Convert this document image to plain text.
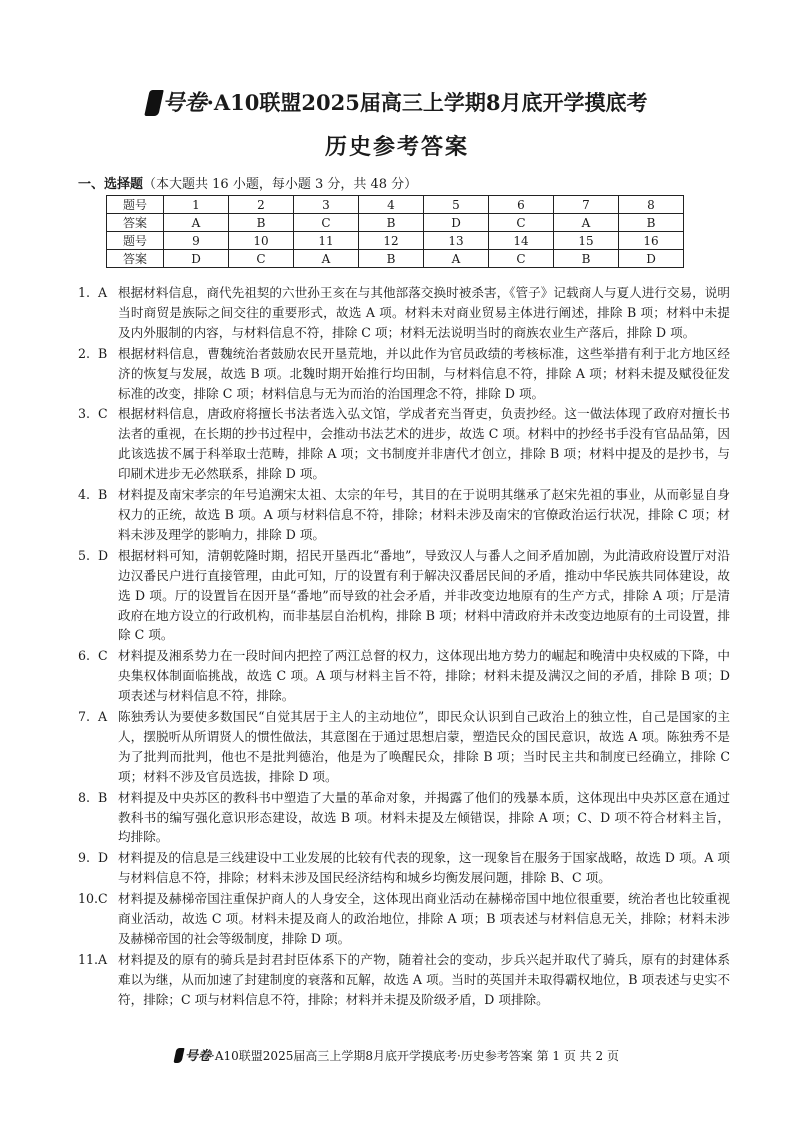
号卷·A10联盟2025届高三上学期8月底开学摸底考
历史参考答案
一、选择题（本大题共 16 小题，每小题 3 分，共 48 分）
题号	1	2	3	4	5	6	7	8
答案	A	B	C	B	D	C	A	B
题号	9	10	11	12	13	14	15	16
答案	D	C	A	B	A	C	B	D
1. A 根据材料信息，商代先祖契的六世孙王亥在与其他部落交换时被杀害，《管子》记载商人与夏人进行交易，说明当时商贸是族际之间交往的重要形式，故选 A 项。材料未对商业贸易主体进行阐述，排除 B 项；材料中未提及内外服制的内容，与材料信息不符，排除 C 项；材料无法说明当时的商族农业生产落后，排除 D 项。
2. B 根据材料信息，曹魏统治者鼓励农民开垦荒地，并以此作为官员政绩的考核标准，这些举措有利于北方地区经济的恢复与发展，故选 B 项。北魏时期开始推行均田制，与材料信息不符，排除 A 项；材料未提及赋役征发标准的改变，排除 C 项；材料信息与无为而治的治国理念不符，排除 D 项。
3. C 根据材料信息，唐政府将擅长书法者选入弘文馆，学成者充当胥吏，负责抄经。这一做法体现了政府对擅长书法者的重视，在长期的抄书过程中，会推动书法艺术的进步，故选 C 项。材料中的抄经书手没有官品品第，因此该选拔不属于科举取士范畴，排除 A 项；文书制度并非唐代才创立，排除 B 项；材料中提及的是抄书，与印刷术进步无必然联系，排除 D 项。
4. B 材料提及南宋孝宗的年号追溯宋太祖、太宗的年号，其目的在于说明其继承了赵宋先祖的事业，从而彰显自身权力的正统，故选 B 项。A 项与材料信息不符，排除；材料未涉及南宋的官僚政治运行状况，排除 C 项；材料未涉及理学的影响力，排除 D 项。
5. D 根据材料可知，清朝乾隆时期，招民开垦西北“番地”，导致汉人与番人之间矛盾加剧，为此清政府设置厅对沿边汉番民户进行直接管理，由此可知，厅的设置有利于解决汉番居民间的矛盾，推动中华民族共同体建设，故选 D 项。厅的设置旨在因开垦“番地”而导致的社会矛盾，并非改变边地原有的生产方式，排除 A 项；厅是清政府在地方设立的行政机构，而非基层自治机构，排除 B 项；材料中清政府并未改变边地原有的土司设置，排除 C 项。
6. C 材料提及湘系势力在一段时间内把控了两江总督的权力，这体现出地方势力的崛起和晚清中央权威的下降，中央集权体制面临挑战，故选 C 项。A 项与材料主旨不符，排除；材料未提及满汉之间的矛盾，排除 B 项；D 项表述与材料信息不符，排除。
7. A 陈独秀认为要使多数国民“自觉其居于主人的主动地位”，即民众认识到自己政治上的独立性，自己是国家的主人，摆脱听从所谓贤人的惯性做法，其意图在于通过思想启蒙，塑造民众的国民意识，故选 A 项。陈独秀不是为了批判而批判，他也不是批判德治，他是为了唤醒民众，排除 B 项；当时民主共和制度已经确立，排除 C 项；材料不涉及官员选拔，排除 D 项。
8. B 材料提及中央苏区的教科书中塑造了大量的革命对象，并揭露了他们的残暴本质，这体现出中央苏区意在通过教科书的编写强化意识形态建设，故选 B 项。材料未提及左倾错误，排除 A 项；C、D 项不符合材料主旨，均排除。
9. D 材料提及的信息是三线建设中工业发展的比较有代表的现象，这一现象旨在服务于国家战略，故选 D 项。A 项与材料信息不符，排除；材料未涉及国民经济结构和城乡均衡发展问题，排除 B、C 项。
10. C 材料提及赫梯帝国注重保护商人的人身安全，这体现出商业活动在赫梯帝国中地位很重要，统治者也比较重视商业活动，故选 C 项。材料未提及商人的政治地位，排除 A 项；B 项表述与材料信息无关，排除；材料未涉及赫梯帝国的社会等级制度，排除 D 项。
11. A 材料提及的原有的骑兵是封君封臣体系下的产物，随着社会的变动，步兵兴起并取代了骑兵，原有的封建体系难以为继，从而加速了封建制度的衰落和瓦解，故选 A 项。当时的英国并未取得霸权地位，B 项表述与史实不符，排除；C 项与材料信息不符，排除；材料并未提及阶级矛盾，D 项排除。
号卷·A10联盟2025届高三上学期8月底开学摸底考·历史参考答案 第 1 页 共 2 页
